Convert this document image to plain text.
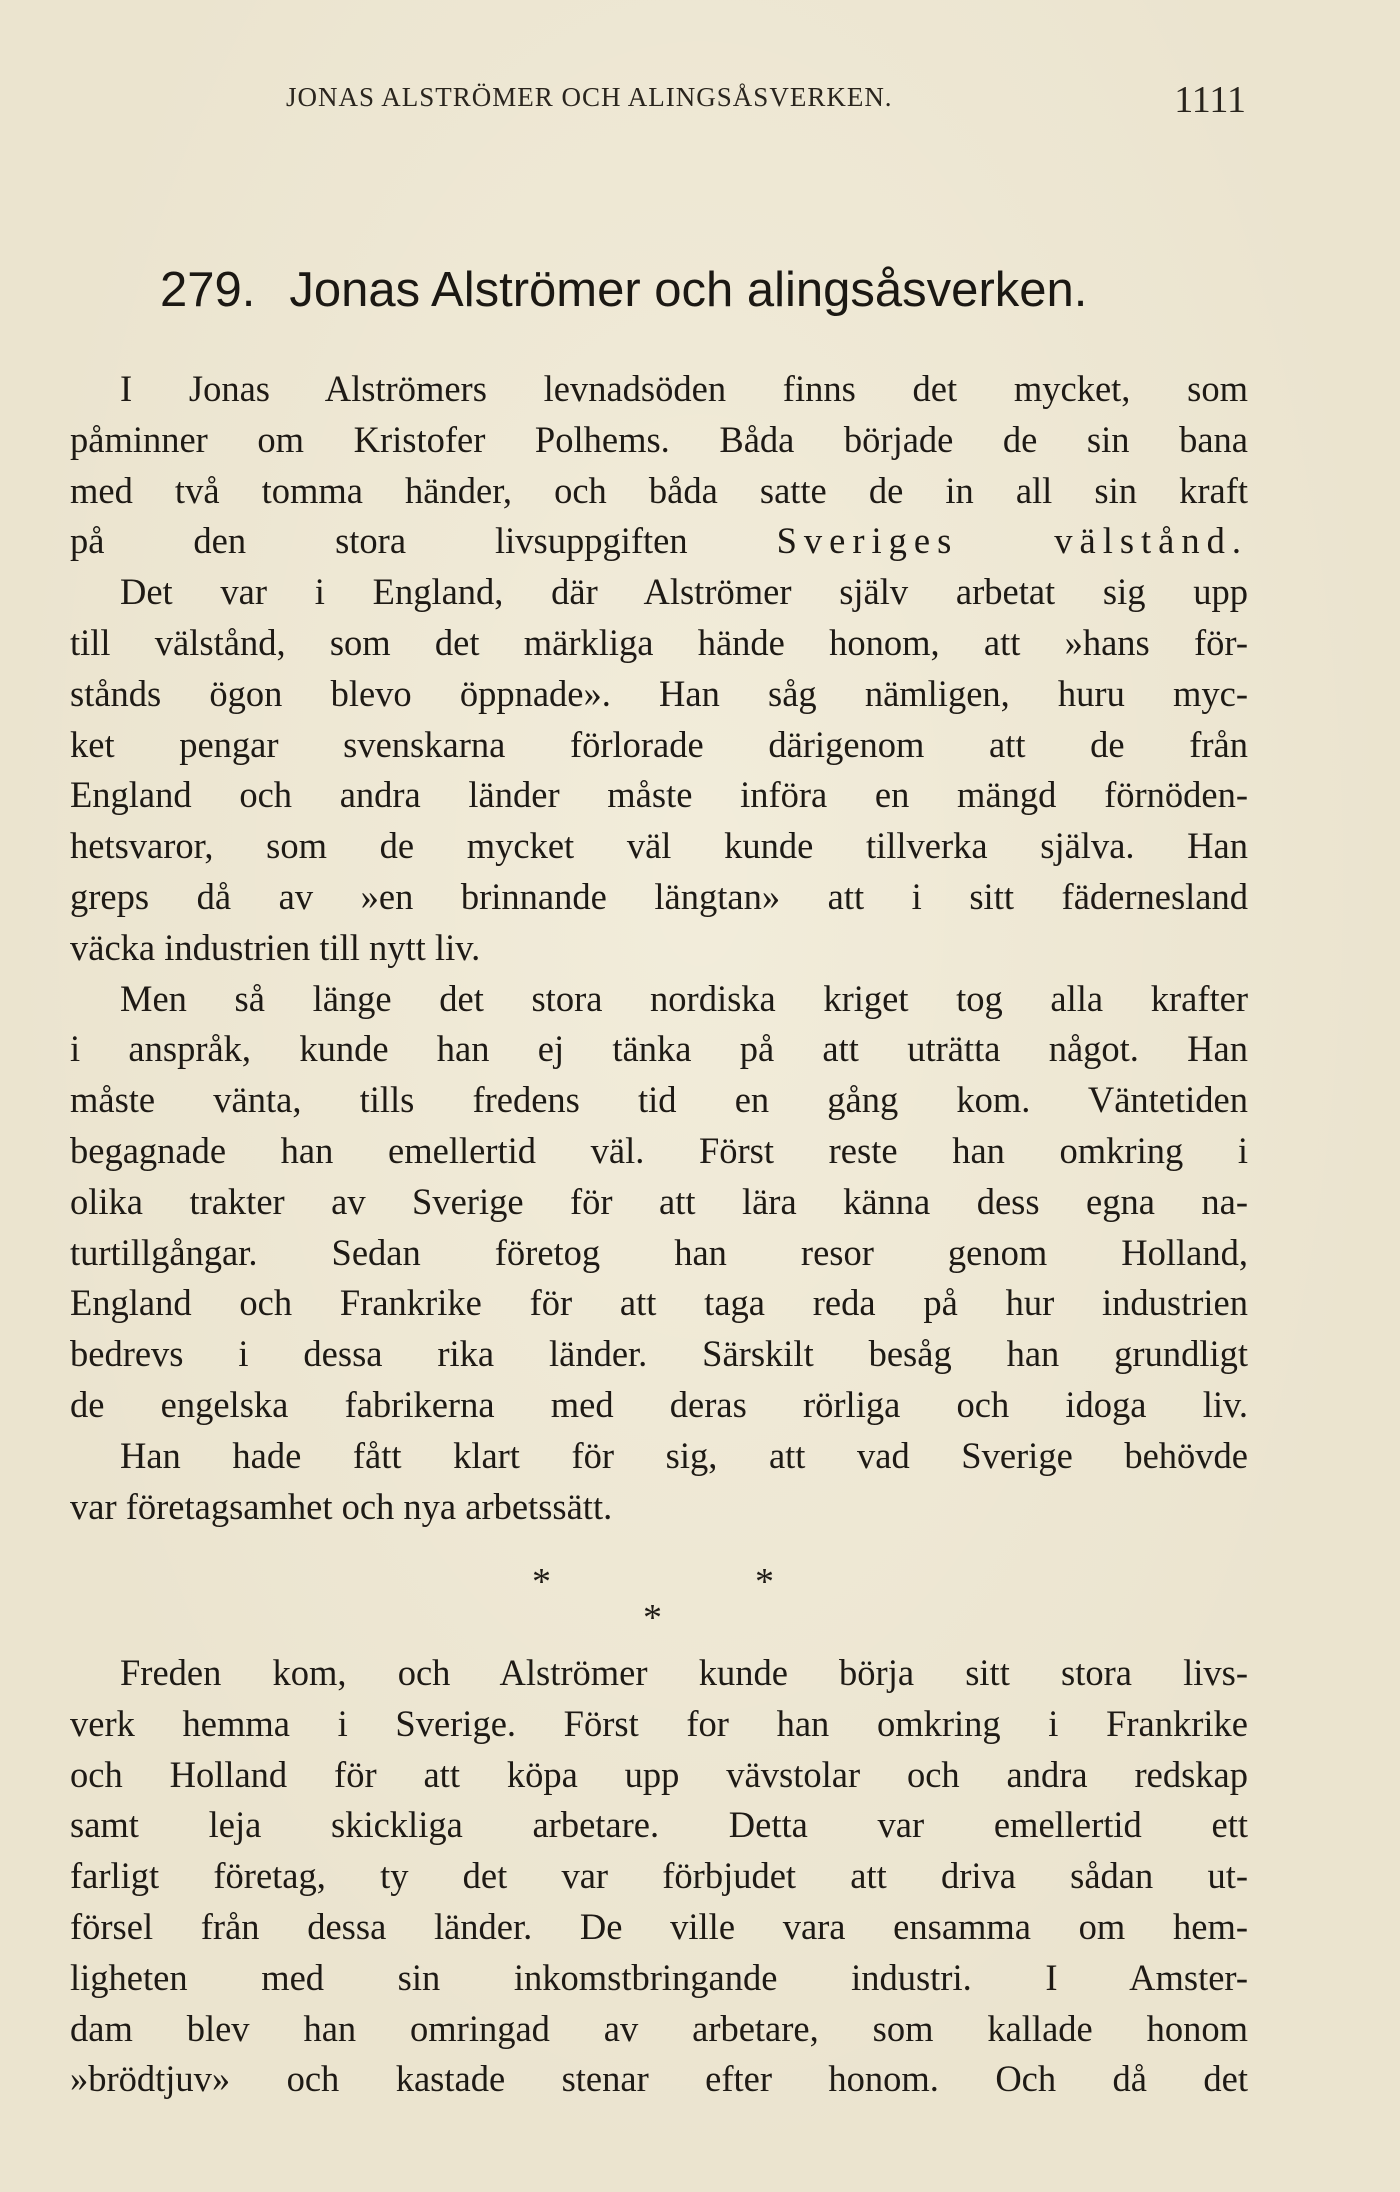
JONAS ALSTRÖMER OCH ALINGSÅSVERKEN.	1111
279. Jonas Alströmer och alingsåsverken.
I Jonas Alströmers levnadsöden finns det mycket, som
påminner om Kristofer Polhems. Båda började de sin bana
med två tomma händer, och båda satte de in all sin kraft
på den stora livsuppgiften Sveriges välstånd.
Det var i England, där Alströmer själv arbetat sig upp
till välstånd, som det märkliga hände honom, att »hans för-
stånds ögon blevo öppnade». Han såg nämligen, huru myc-
ket pengar svenskarna förlorade därigenom att de från
England och andra länder måste införa en mängd förnöden-
hetsvaror, som de mycket väl kunde tillverka själva. Han
greps då av »en brinnande längtan» att i sitt fädernesland
väcka industrien till nytt liv.
Men så länge det stora nordiska kriget tog alla krafter
i anspråk, kunde han ej tänka på att uträtta något. Han
måste vänta, tills fredens tid en gång kom. Väntetiden
begagnade han emellertid väl. Först reste han omkring i
olika trakter av Sverige för att lära känna dess egna na-
turtillgångar. Sedan företog han resor genom Holland,
England och Frankrike för att taga reda på hur industrien
bedrevs i dessa rika länder. Särskilt besåg han grundligt
de engelska fabrikerna med deras rörliga och idoga liv.
Han hade fått klart för sig, att vad Sverige behövde
var företagsamhet och nya arbetssätt.
*	*
*
Freden kom, och Alströmer kunde börja sitt stora livs-
verk hemma i Sverige. Först for han omkring i Frankrike
och Holland för att köpa upp vävstolar och andra redskap
samt leja skickliga arbetare. Detta var emellertid ett
farligt företag, ty det var förbjudet att driva sådan ut-
försel från dessa länder. De ville vara ensamma om hem-
ligheten med sin inkomstbringande industri. I Amster-
dam blev han omringad av arbetare, som kallade honom
»brödtjuv» och kastade stenar efter honom. Och då det
